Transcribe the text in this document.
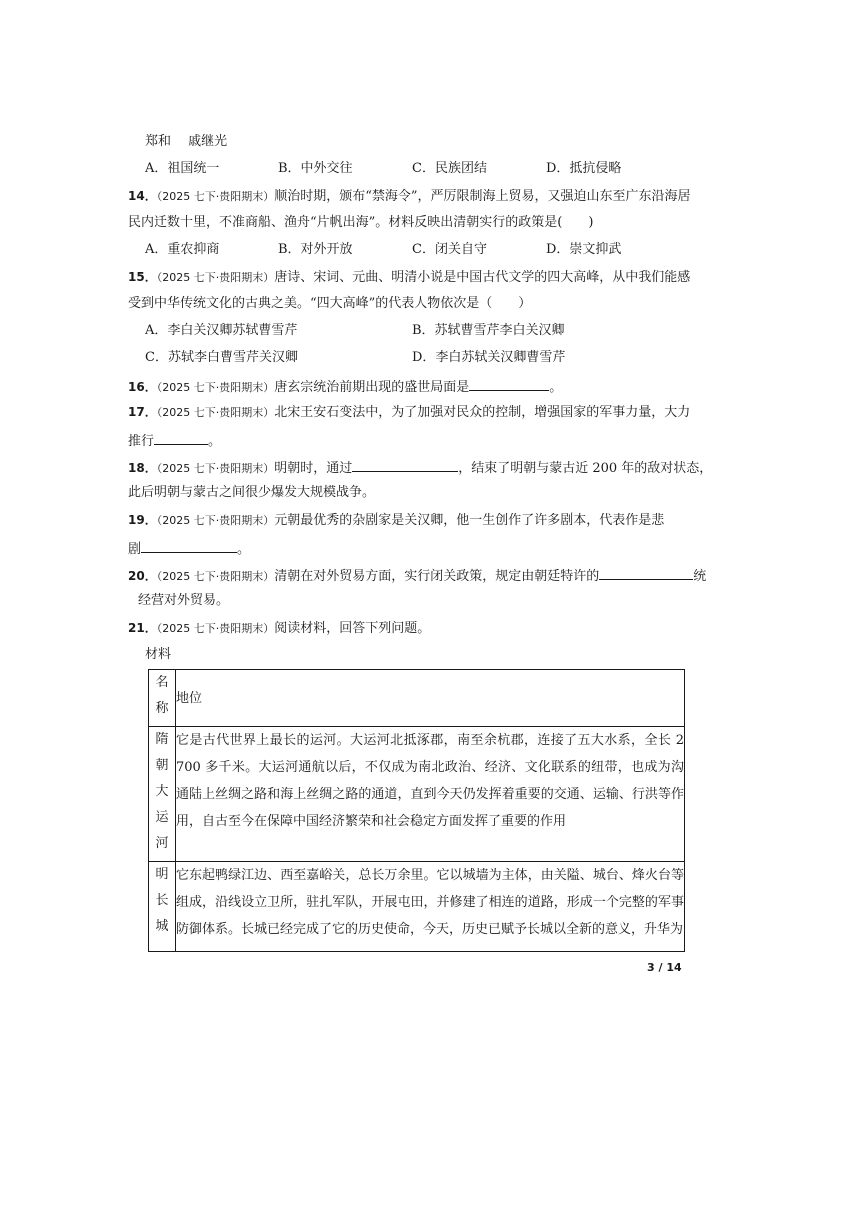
郑和　 戚继光
A．祖国统一	B．中外交往	C．民族团结	D．抵抗侵略
14．（2025 七下·贵阳期末）顺治时期，颁布“禁海令”，严厉限制海上贸易，又强迫山东至广东沿海居
民内迁数十里，不准商船、渔舟“片帆出海”。材料反映出清朝实行的政策是(　　)
A．重农抑商	B．对外开放	C．闭关自守	D．崇文抑武
15．（2025 七下·贵阳期末）唐诗、宋词、元曲、明清小说是中国古代文学的四大高峰，从中我们能感
受到中华传统文化的古典之美。“四大高峰”的代表人物依次是（　　）
A．李白关汉卿苏轼曹雪芹	B．苏轼曹雪芹李白关汉卿
C．苏轼李白曹雪芹关汉卿	D．李白苏轼关汉卿曹雪芹
16．（2025 七下·贵阳期末）唐玄宗统治前期出现的盛世局面是	。
17．（2025 七下·贵阳期末）北宋王安石变法中，为了加强对民众的控制，增强国家的军事力量，大力
推行	。
18．（2025 七下·贵阳期末）明朝时，通过	，结束了明朝与蒙古近 200 年的敌对状态，
此后明朝与蒙古之间很少爆发大规模战争。
19．（2025 七下·贵阳期末）元朝最优秀的杂剧家是关汉卿，他一生创作了许多剧本，代表作是悲
剧	。
20．（2025 七下·贵阳期末）清朝在对外贸易方面，实行闭关政策，规定由朝廷特许的	统
经营对外贸易。
21．（2025 七下·贵阳期末）阅读材料，回答下列问题。
材料
名
称	地位

隋
朝
大
运
河	它是古代世界上最长的运河。大运河北抵涿郡，南至余杭郡，连接了五大水系，全长 2 700 多千米。大运河通航以后，不仅成为南北政治、经济、文化联系的纽带，也成为沟通陆上丝绸之路和海上丝绸之路的通道，直到今天仍发挥着重要的交通、运输、行洪等作用，自古至今在保障中国经济繁荣和社会稳定方面发挥了重要的作用

明
长
城	它东起鸭绿江边、西至嘉峪关，总长万余里。它以城墙为主体，由关隘、城台、烽火台等组成，沿线设立卫所，驻扎军队，开展屯田，并修建了相连的道路，形成一个完整的军事防御体系。长城已经完成了它的历史使命，今天，历史已赋予长城以全新的意义，升华为
3 / 14
